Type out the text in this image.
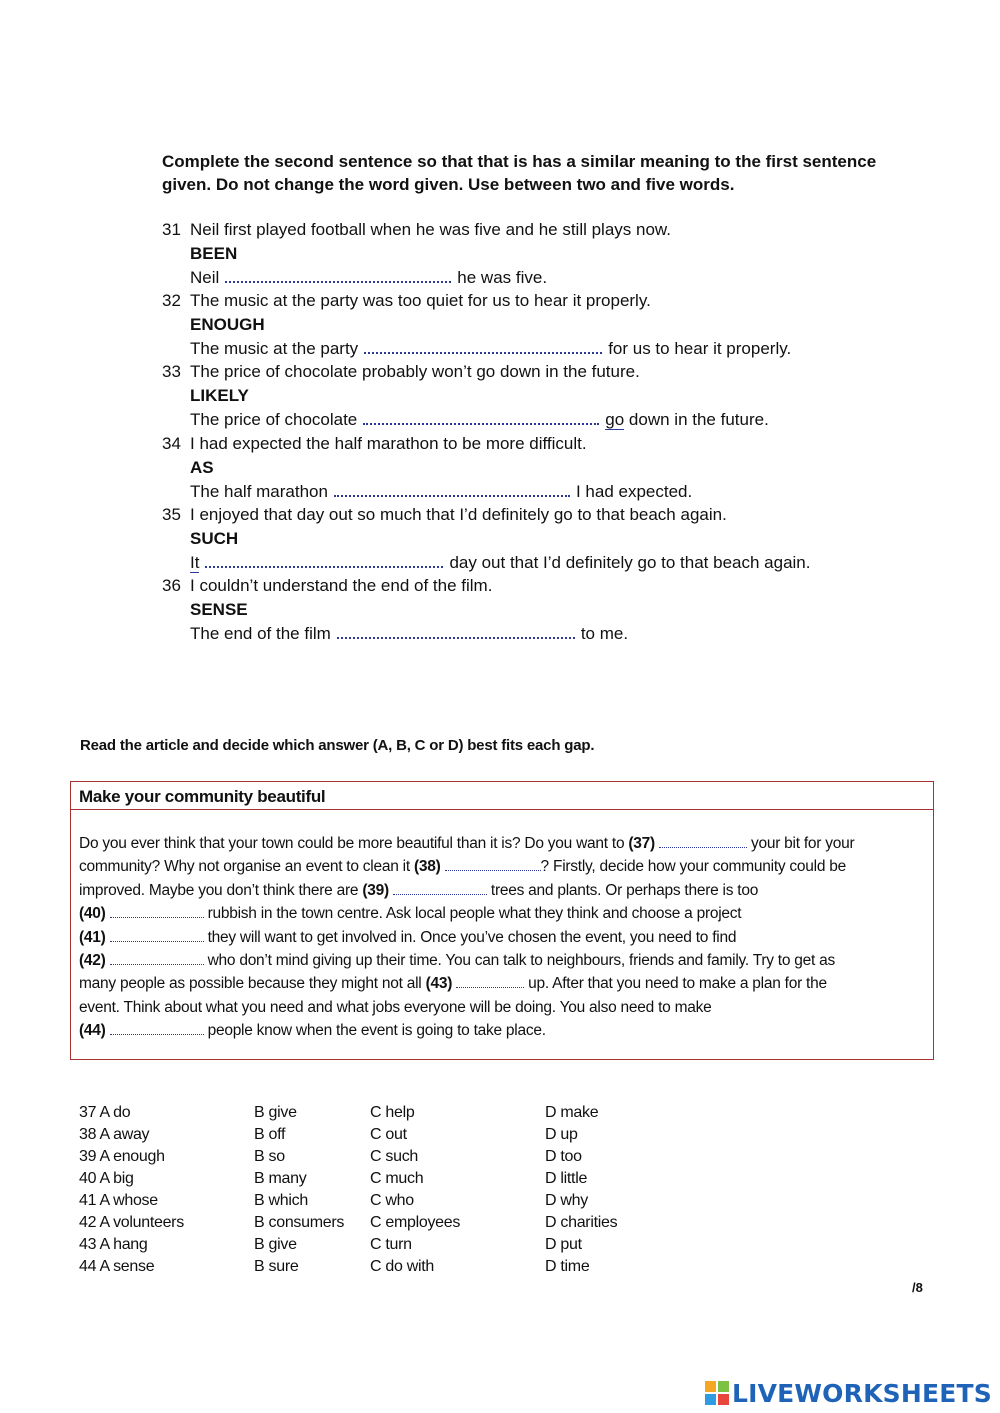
Complete the second sentence so that that is has a similar meaning to the first sentence
given. Do not change the word given. Use between two and five words.
31 Neil first played football when he was five and he still plays now.
BEEN
Neil	he was five.
32 The music at the party was too quiet for us to hear it properly.
ENOUGH
The music at the party	for us to hear it properly.
33 The price of chocolate probably won’t go down in the future.
LIKELY
The price of chocolate	go down in the future.
34 I had expected the half marathon to be more difficult.
AS
The half marathon	I had expected.
35 I enjoyed that day out so much that I’d definitely go to that beach again.
SUCH
It	day out that I’d definitely go to that beach again.
36 I couldn’t understand the end of the film.
SENSE
The end of the film	to me.
Read the article and decide which answer (A, B, C or D) best fits each gap.
Make your community beautiful
Do you ever think that your town could be more beautiful than it is? Do you want to (37)	your bit for your
community? Why not organise an event to clean it (38)	? Firstly, decide how your community could be
improved. Maybe you don’t think there are (39)	trees and plants. Or perhaps there is too
(40)	rubbish in the town centre. Ask local people what they think and choose a project
(41)	they will want to get involved in. Once you’ve chosen the event, you need to find
(42)	who don’t mind giving up their time. You can talk to neighbours, friends and family. Try to get as
many people as possible because they might not all (43)	up. After that you need to make a plan for the
event. Think about what you need and what jobs everyone will be doing. You also need to make
(44)	people know when the event is going to take place.
37 A do	B give	C help	D make
38 A away	B off	C out	D up
39 A enough	B so	C such	D too
40 A big	B many	C much	D little
41 A whose	B which	C who	D why
42 A volunteers	B consumers C employees	D charities
43 A hang	B give	C turn	D put
44 A sense	B sure	C do with	D time
/8
LIVEWORKSHEETS
